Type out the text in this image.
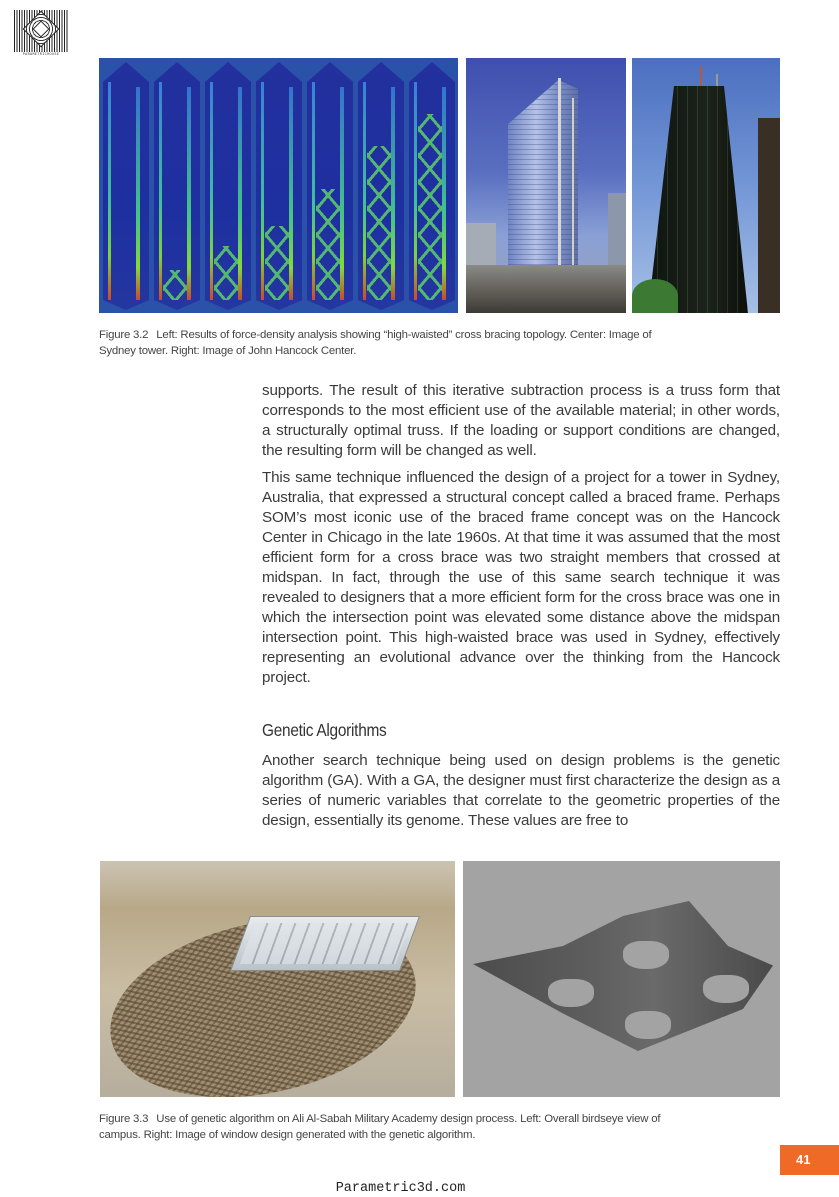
PARAMETRICHOUSE
Figure 3.2 Left: Results of force-density analysis showing “high-waisted” cross bracing topology. Center: Image of
Sydney tower. Right: Image of John Hancock Center.

supports. The result of this iterative subtraction process is a truss form that corresponds to the most efficient use of the available material; in other words, a structurally optimal truss. If the loading or support conditions are changed, the resulting form will be changed as well.

This same technique influenced the design of a project for a tower in Sydney, Australia, that expressed a structural concept called a braced frame. Perhaps SOM’s most iconic use of the braced frame concept was on the Hancock Center in Chicago in the late 1960s. At that time it was assumed that the most efficient form for a cross brace was two straight members that crossed at midspan. In fact, through the use of this same search technique it was revealed to designers that a more efficient form for the cross brace was one in which the intersection point was elevated some distance above the midspan intersection point. This high-waisted brace was used in Sydney, effectively representing an evolutional advance over the thinking from the Hancock project.

Genetic Algorithms

Another search technique being used on design problems is the genetic algorithm (GA). With a GA, the designer must first characterize the design as a series of numeric variables that correlate to the geometric properties of the design, essentially its genome. These values are free to

Figure 3.3 Use of genetic algorithm on Ali Al-Sabah Military Academy design process. Left: Overall birdseye view of
campus. Right: Image of window design generated with the genetic algorithm.
41
Parametric3d.com
